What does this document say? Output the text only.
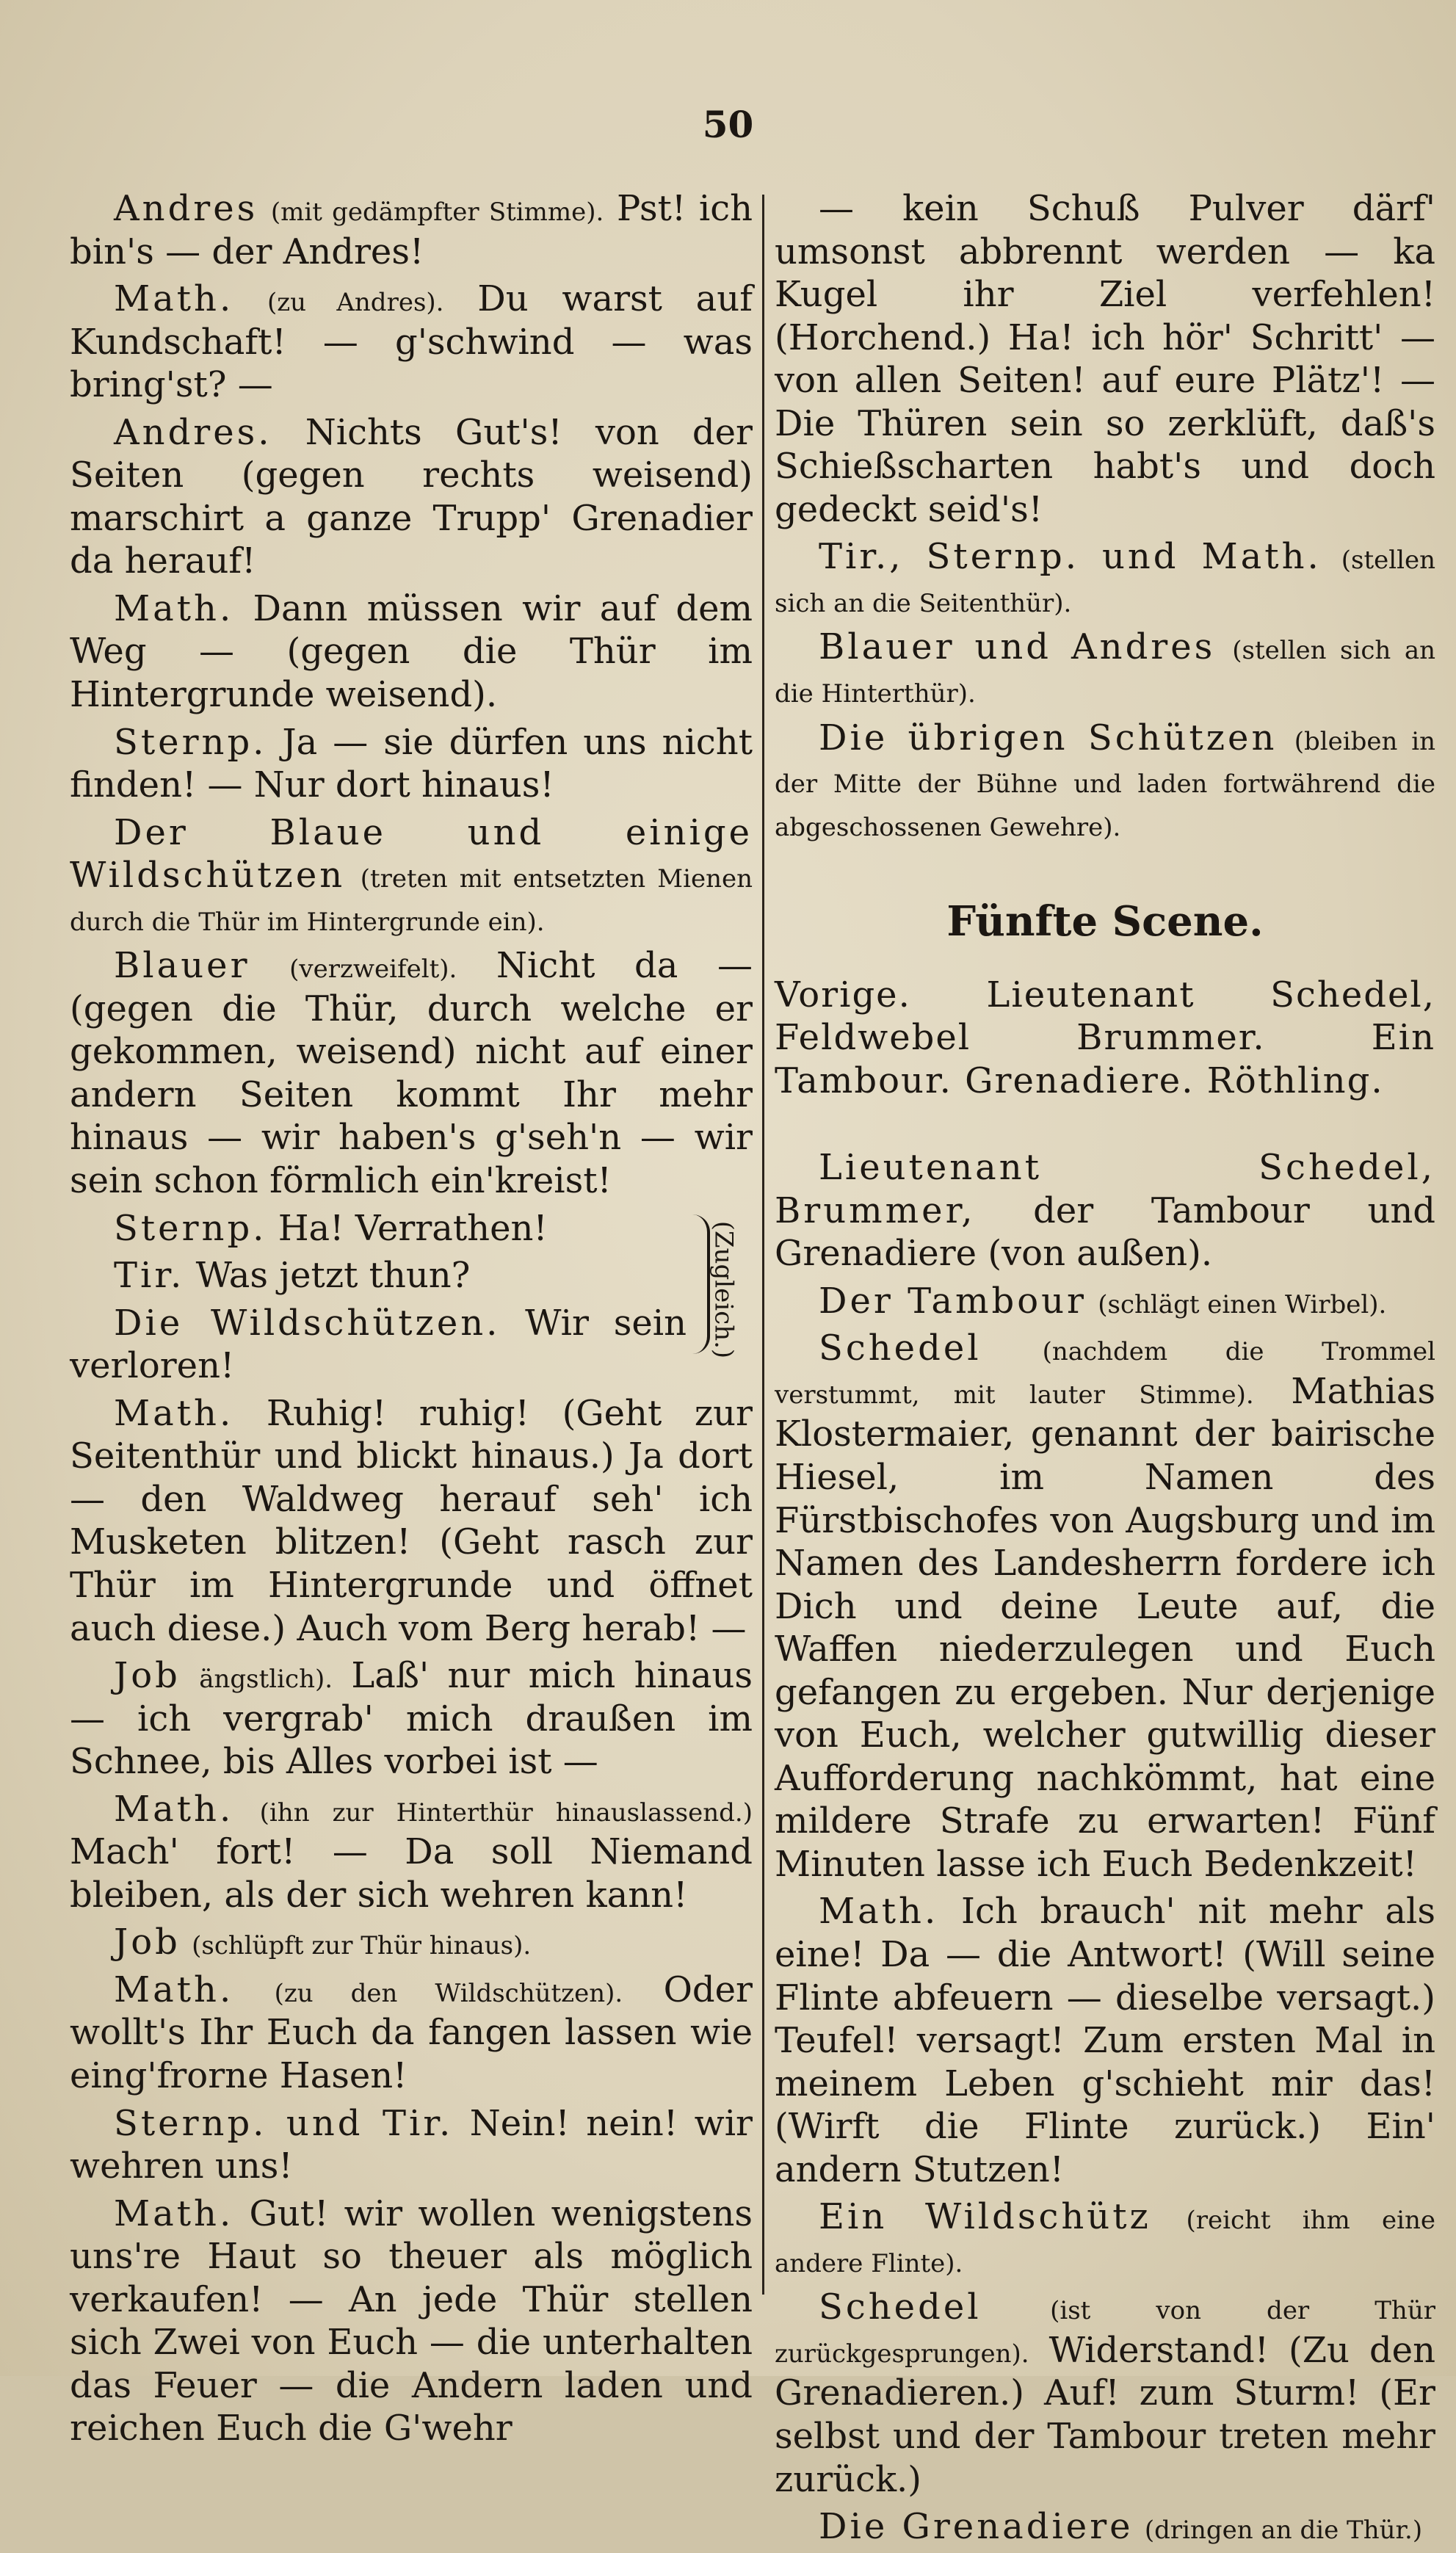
50

Andres (mit gedämpfter Stimme). Pst! ich bin's — der Andres!

Math. (zu Andres). Du warst auf Kundschaft! — g'schwind — was bring'st? —

Andres. Nichts Gut's! von der Seiten (gegen rechts weisend) marschirt a ganze Trupp' Grenadier da herauf!

Math. Dann müssen wir auf dem Weg — (gegen die Thür im Hintergrunde weisend).

Sternp. Ja — sie dürfen uns nicht finden! — Nur dort hinaus!

Der Blaue und einige Wildschützen (treten mit entsetzten Mienen durch die Thür im Hintergrunde ein).

Blauer (verzweifelt). Nicht da — (gegen die Thür, durch welche er gekommen, weisend) nicht auf einer andern Seiten kommt Ihr mehr hinaus — wir haben's g'seh'n — wir sein schon förmlich ein'kreist!

Sternp. Ha! Verrathen!

Tir. Was jetzt thun?

Die Wildschützen. Wir sein verloren!

(Zugleich.)

Math. Ruhig! ruhig! (Geht zur Seitenthür und blickt hinaus.) Ja dort — den Waldweg herauf seh' ich Musketen blitzen! (Geht rasch zur Thür im Hintergrunde und öffnet auch diese.) Auch vom Berg herab! —

Job ängstlich). Laß' nur mich hinaus — ich vergrab' mich draußen im Schnee, bis Alles vorbei ist —

Math. (ihn zur Hinterthür hinauslassend.) Mach' fort! — Da soll Niemand bleiben, als der sich wehren kann!

Job (schlüpft zur Thür hinaus).

Math. (zu den Wildschützen). Oder wollt's Ihr Euch da fangen lassen wie eing'frorne Hasen!

Sternp. und Tir. Nein! nein! wir wehren uns!

Math. Gut! wir wollen wenigstens uns're Haut so theuer als möglich verkaufen! — An jede Thür stellen sich Zwei von Euch — die unterhalten das Feuer — die Andern laden und reichen Euch die G'wehr

— kein Schuß Pulver därf' umsonst abbrennt werden — ka Kugel ihr Ziel verfehlen! (Horchend.) Ha! ich hör' Schritt' — von allen Seiten! auf eure Plätz'! — Die Thüren sein so zerklüft, daß's Schießscharten habt's und doch gedeckt seid's!

Tir., Sternp. und Math. (stellen sich an die Seitenthür).

Blauer und Andres (stellen sich an die Hinterthür).

Die übrigen Schützen (bleiben in der Mitte der Bühne und laden fortwährend die abgeschossenen Gewehre).

Fünfte Scene.
Vorige. Lieutenant Schedel, Feldwebel Brummer. Ein Tambour. Grenadiere. Röthling.

Lieutenant Schedel, Brummer, der Tambour und Grenadiere (von außen).

Der Tambour (schlägt einen Wirbel).

Schedel (nachdem die Trommel verstummt, mit lauter Stimme). Mathias Klostermaier, genannt der bairische Hiesel, im Namen des Fürstbischofes von Augsburg und im Namen des Landesherrn fordere ich Dich und deine Leute auf, die Waffen niederzulegen und Euch gefangen zu ergeben. Nur derjenige von Euch, welcher gutwillig dieser Aufforderung nachkömmt, hat eine mildere Strafe zu erwarten! Fünf Minuten lasse ich Euch Bedenkzeit!

Math. Ich brauch' nit mehr als eine! Da — die Antwort! (Will seine Flinte abfeuern — dieselbe versagt.) Teufel! versagt! Zum ersten Mal in meinem Leben g'schieht mir das! (Wirft die Flinte zurück.) Ein' andern Stutzen!

Ein Wildschütz (reicht ihm eine andere Flinte).

Schedel	(ist von der Thür zurückgesprungen). Widerstand! (Zu den Grenadieren.) Auf! zum Sturm! (Er selbst und der Tambour treten mehr zurück.)

Die Grenadiere (dringen an die Thür.)
